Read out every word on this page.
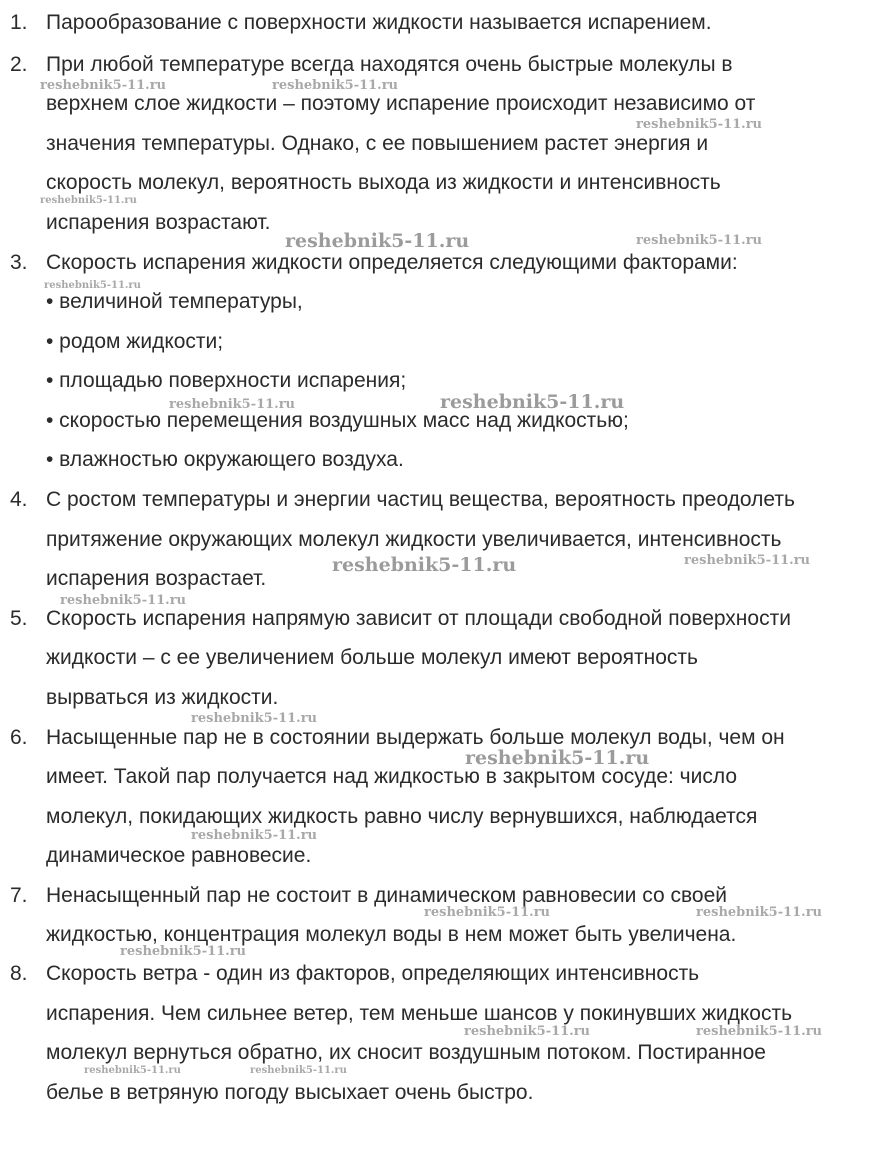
1. Парообразование с поверхности жидкости называется испарением.
2. При любой температуре всегда находятся очень быстрые молекулы в
верхнем слое жидкости – поэтому испарение происходит независимо от
значения температуры. Однако, с ее повышением растет энергия и
скорость молекул, вероятность выхода из жидкости и интенсивность
испарения возрастают.
3. Скорость испарения жидкости определяется следующими факторами:
• величиной температуры,
• родом жидкости;
• площадью поверхности испарения;
• скоростью перемещения воздушных масс над жидкостью;
• влажностью окружающего воздуха.
4. С ростом температуры и энергии частиц вещества, вероятность преодолеть
притяжение окружающих молекул жидкости увеличивается, интенсивность
испарения возрастает.
5. Скорость испарения напрямую зависит от площади свободной поверхности
жидкости – с ее увеличением больше молекул имеют вероятность
вырваться из жидкости.
6. Насыщенные пар не в состоянии выдержать больше молекул воды, чем он
имеет. Такой пар получается над жидкостью в закрытом сосуде: число
молекул, покидающих жидкость равно числу вернувшихся, наблюдается
динамическое равновесие.
7. Ненасыщенный пар не состоит в динамическом равновесии со своей
жидкостью, концентрация молекул воды в нем может быть увеличена.
8. Скорость ветра - один из факторов, определяющих интенсивность
испарения. Чем сильнее ветер, тем меньше шансов у покинувших жидкость
молекул вернуться обратно, их сносит воздушным потоком. Постиранное
белье в ветряную погоду высыхает очень быстро.
reshebnik5-11.ru	reshebnik5-11.ru
reshebnik5-11.ru
reshebnik5-11.ru
reshebnik5-11.ru	reshebnik5-11.ru
reshebnik5-11.ru
reshebnik5-11.ru	reshebnik5-11.ru
reshebnik5-11.ru	reshebnik5-11.ru
reshebnik5-11.ru
reshebnik5-11.ru
reshebnik5-11.ru
reshebnik5-11.ru
reshebnik5-11.ru	reshebnik5-11.ru
reshebnik5-11.ru
reshebnik5-11.ru	reshebnik5-11.ru
reshebnik5-11.ru	reshebnik5-11.ru
